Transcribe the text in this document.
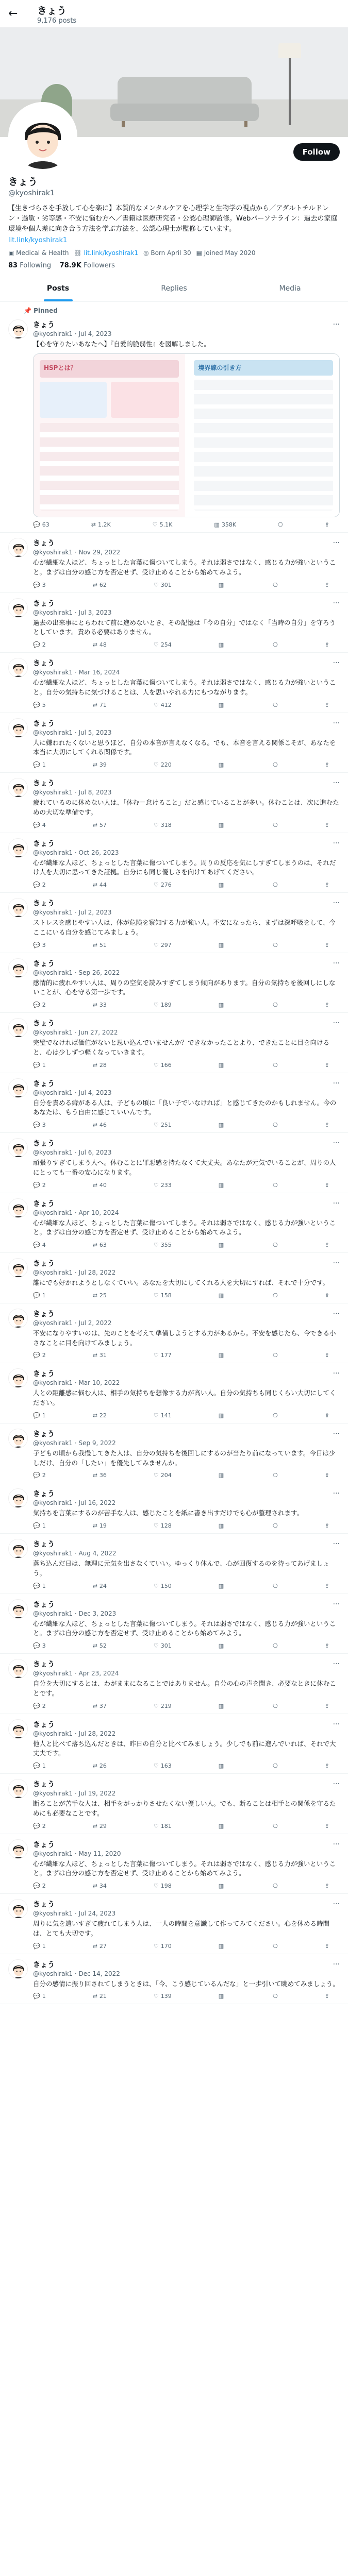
←	きょう
9,176 posts
Follow
きょう
@kyoshirak1
【生きづらさを手放して心を楽に】本質的なメンタルケアを心理学と生物学の視点から／アダルトチルドレン・過敏・劣等感・不安に悩む方へ／書籍は医療研究者・公認心理師監修。Webパーソナライン：過去の家庭環境や個人差に向き合う方法を学ぶ方法を、公認心理士が監修しています。
lit.link/kyoshirak1
▣ Medical & Health ⛓ lit.link/kyoshirak1 ◎ Born April 30 ▦ Joined May 2020
83 Following 78.9K Followers
Posts	Replies	Media
📌 Pinned
きょう	···
@kyoshirak1 · Jul 4, 2023
【心を守りたいあなたへ】『自愛的脆弱性』を図解しました。
HSPとは？	境界線の引き方
💬 63	⇄ 1.2K	♡ 5.1K	▥ 358K	⎔	⇪
きょう	···
@kyoshirak1 · Nov 29, 2022
心が繊細な人ほど、ちょっとした言葉に傷ついてしまう。それは弱さではなく、感じる力が強いということ。まずは自分の感じ方を否定せず、受け止めることから始めてみよう。
💬 3	⇄ 62	♡ 301	▥	⎔	⇪
きょう	···
@kyoshirak1 · Jul 3, 2023
過去の出来事にとらわれて前に進めないとき、その記憶は「今の自分」ではなく「当時の自分」を守ろうとしています。責める必要はありません。
💬 2	⇄ 48	♡ 254	▥	⎔	⇪
きょう	···
@kyoshirak1 · Mar 16, 2024
心が繊細な人ほど、ちょっとした言葉に傷ついてしまう。それは弱さではなく、感じる力が強いということ。自分の気持ちに気づけることは、人を思いやれる力にもつながります。
💬 5	⇄ 71	♡ 412	▥	⎔	⇪
きょう	···
@kyoshirak1 · Jul 5, 2023
人に嫌われたくないと思うほど、自分の本音が言えなくなる。でも、本音を言える関係こそが、あなたを本当に大切にしてくれる関係です。
💬 1	⇄ 39	♡ 220	▥	⎔	⇪
きょう	···
@kyoshirak1 · Jul 8, 2023
疲れているのに休めない人は、「休む＝怠けること」だと感じていることが多い。休むことは、次に進むための大切な準備です。
💬 4	⇄ 57	♡ 318	▥	⎔	⇪
きょう	···
@kyoshirak1 · Oct 26, 2023
心が繊細な人ほど、ちょっとした言葉に傷ついてしまう。周りの反応を気にしすぎてしまうのは、それだけ人を大切に思ってきた証拠。自分にも同じ優しさを向けてあげてください。
💬 2	⇄ 44	♡ 276	▥	⎔	⇪
きょう	···
@kyoshirak1 · Jul 2, 2023
ストレスを感じやすい人は、体が危険を察知する力が強い人。不安になったら、まずは深呼吸をして、今ここにいる自分を感じてみましょう。
💬 3	⇄ 51	♡ 297	▥	⎔	⇪
きょう	···
@kyoshirak1 · Sep 26, 2022
感情的に疲れやすい人は、周りの空気を読みすぎてしまう傾向があります。自分の気持ちを後回しにしないことが、心を守る第一歩です。
💬 2	⇄ 33	♡ 189	▥	⎔	⇪
きょう	···
@kyoshirak1 · Jun 27, 2022
完璧でなければ価値がないと思い込んでいませんか？できなかったことより、できたことに目を向けると、心は少しずつ軽くなっていきます。
💬 1	⇄ 28	♡ 166	▥	⎔	⇪
きょう	···
@kyoshirak1 · Jul 4, 2023
自分を責める癖がある人は、子どもの頃に「良い子でいなければ」と感じてきたのかもしれません。今のあなたは、もう自由に感じていいんです。
💬 3	⇄ 46	♡ 251	▥	⎔	⇪
きょう	···
@kyoshirak1 · Jul 6, 2023
頑張りすぎてしまう人へ。休むことに罪悪感を持たなくて大丈夫。あなたが元気でいることが、周りの人にとっても一番の安心になります。
💬 2	⇄ 40	♡ 233	▥	⎔	⇪
きょう	···
@kyoshirak1 · Apr 10, 2024
心が繊細な人ほど、ちょっとした言葉に傷ついてしまう。それは弱さではなく、感じる力が強いということ。まずは自分の感じ方を否定せず、受け止めることから始めてみよう。
💬 4	⇄ 63	♡ 355	▥	⎔	⇪
きょう	···
@kyoshirak1 · Jul 28, 2022
誰にでも好かれようとしなくていい。あなたを大切にしてくれる人を大切にすれば、それで十分です。
💬 1	⇄ 25	♡ 158	▥	⎔	⇪
きょう	···
@kyoshirak1 · Jul 2, 2022
不安になりやすいのは、先のことを考えて準備しようとする力があるから。不安を感じたら、今できる小さなことに目を向けてみましょう。
💬 2	⇄ 31	♡ 177	▥	⎔	⇪
きょう	···
@kyoshirak1 · Mar 10, 2022
人との距離感に悩む人は、相手の気持ちを想像する力が高い人。自分の気持ちも同じくらい大切にしてください。
💬 1	⇄ 22	♡ 141	▥	⎔	⇪
きょう	···
@kyoshirak1 · Sep 9, 2022
子どもの頃から我慢してきた人は、自分の気持ちを後回しにするのが当たり前になっています。今日は少しだけ、自分の「したい」を優先してみませんか。
💬 2	⇄ 36	♡ 204	▥	⎔	⇪
きょう	···
@kyoshirak1 · Jul 16, 2022
気持ちを言葉にするのが苦手な人は、感じたことを紙に書き出すだけでも心が整理されます。
💬 1	⇄ 19	♡ 128	▥	⎔	⇪
きょう	···
@kyoshirak1 · Aug 4, 2022
落ち込んだ日は、無理に元気を出さなくていい。ゆっくり休んで、心が回復するのを待ってあげましょう。
💬 1	⇄ 24	♡ 150	▥	⎔	⇪
きょう	···
@kyoshirak1 · Dec 3, 2023
心が繊細な人ほど、ちょっとした言葉に傷ついてしまう。それは弱さではなく、感じる力が強いということ。まずは自分の感じ方を否定せず、受け止めることから始めてみよう。
💬 3	⇄ 52	♡ 301	▥	⎔	⇪
きょう	···
@kyoshirak1 · Apr 23, 2024
自分を大切にするとは、わがままになることではありません。自分の心の声を聞き、必要なときに休むことです。
💬 2	⇄ 37	♡ 219	▥	⎔	⇪
きょう	···
@kyoshirak1 · Jul 28, 2022
他人と比べて落ち込んだときは、昨日の自分と比べてみましょう。少しでも前に進んでいれば、それで大丈夫です。
💬 1	⇄ 26	♡ 163	▥	⎔	⇪
きょう	···
@kyoshirak1 · Jul 19, 2022
断ることが苦手な人は、相手をがっかりさせたくない優しい人。でも、断ることは相手との関係を守るためにも必要なことです。
💬 2	⇄ 29	♡ 181	▥	⎔	⇪
きょう	···
@kyoshirak1 · May 11, 2020
心が繊細な人ほど、ちょっとした言葉に傷ついてしまう。それは弱さではなく、感じる力が強いということ。まずは自分の感じ方を否定せず、受け止めることから始めてみよう。
💬 2	⇄ 34	♡ 198	▥	⎔	⇪
きょう	···
@kyoshirak1 · Jul 24, 2023
周りに気を遣いすぎて疲れてしまう人は、一人の時間を意識して作ってみてください。心を休める時間は、とても大切です。
💬 1	⇄ 27	♡ 170	▥	⎔	⇪
きょう	···
@kyoshirak1 · Dec 14, 2022
自分の感情に振り回されてしまうときは、「今、こう感じているんだな」と一歩引いて眺めてみましょう。
💬 1	⇄ 21	♡ 139	▥	⎔	⇪
